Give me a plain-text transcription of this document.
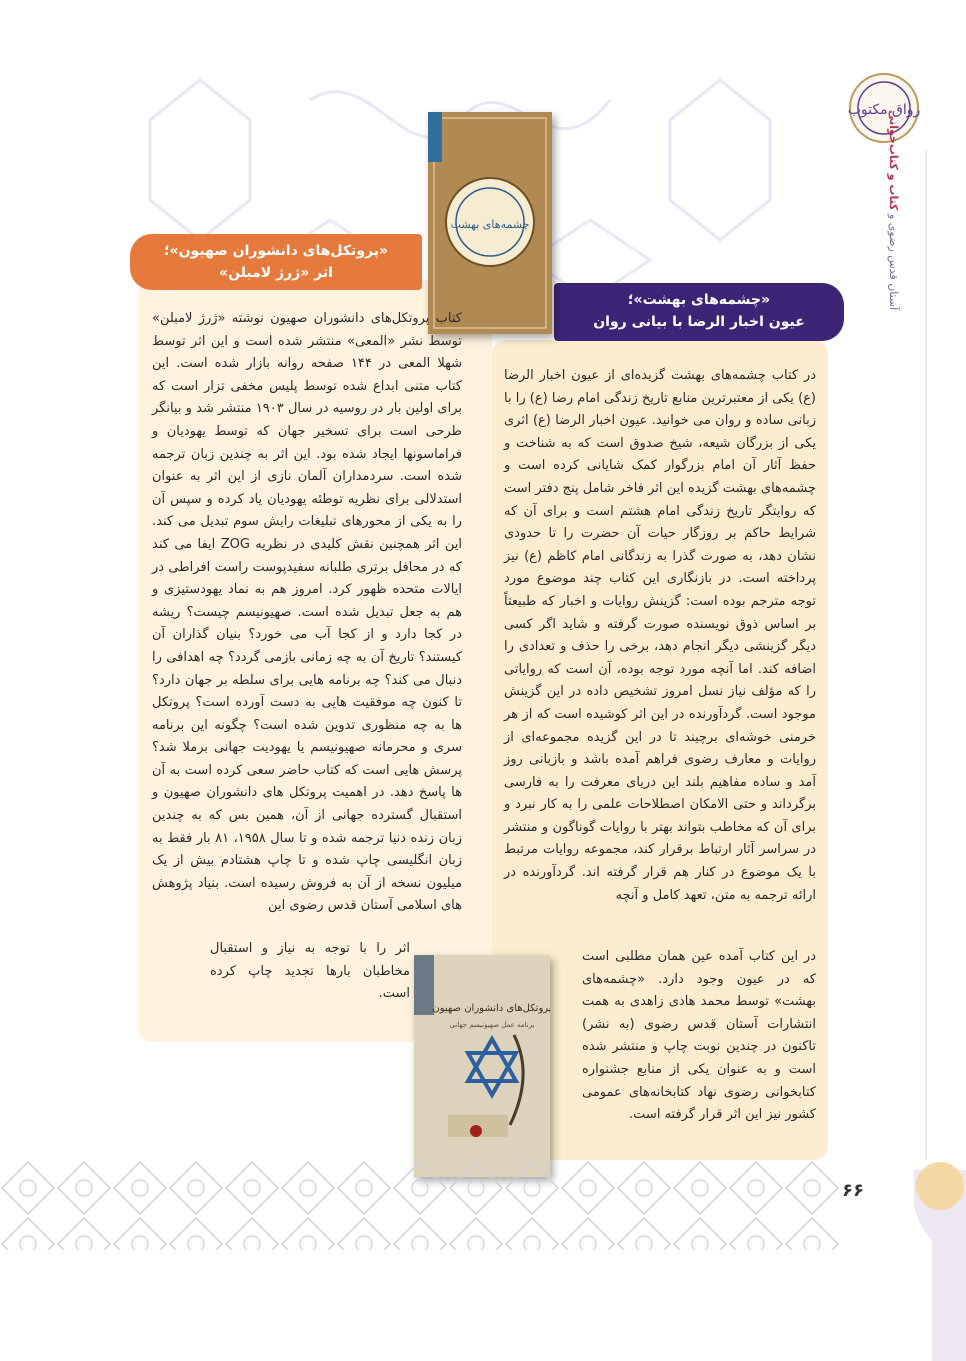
رواق مکتوب
آستان قدس رضوی و کتاب و کتاب‌خوانی
«پروتکل‌های دانشوران صهیون»؛
اثر «ژرژ لامبلن»
«چشمه‌های بهشت»؛
عیون اخبار الرضا با بیانی روان
چشمه‌های بهشت
پروتکل‌های دانشوران صهیون
برنامه عمل صهیونیسم جهانی

کتاب پروتکل‌های دانشوران صهیون نوشته «ژرژ لامبلن» توسط نشر «المعی» منتشر شده است و این اثر توسط شهلا المعی در ۱۴۴ صفحه روانه بازار شده است. این کتاب متنی ابداع شده توسط پلیس مخفی تزار است که برای اولین بار در روسیه در سال ۱۹۰۳ منتشر شد و بیانگر طرحی است برای تسخیر جهان که توسط یهودیان و فراماسونها ایجاد شده بود. این اثر به چندین زبان ترجمه شده است. سردمداران آلمان نازی از این اثر به عنوان استدلالی برای نظریه توطئه یهودیان یاد کرده و سپس آن را به یکی از محورهای تبلیغات رایش سوم تبدیل می کند. این اثر همچنین نقش کلیدی در نظریه ZOG ایفا می کند که در محافل برتری طلبانه سفیدپوست راست افراطی در ایالات متحده ظهور کرد. امروز هم به نماد یهودستیزی و هم به جعل تبدیل شده است. صهیونیسم چیست؟ ریشه در کجا دارد و از کجا آب می خورد؟ بنیان گذاران آن کیستند؟ تاریخ آن به چه زمانی بازمی گردد؟ چه اهدافی را دنبال می کند؟ چه برنامه هایی برای سلطه بر جهان دارد؟ تا کنون چه موفقیت هایی به دست آورده است؟ پروتکل ها به چه منظوری تدوین شده است؟ چگونه این برنامه سری و محرمانه صهیونیسم یا یهودیت جهانی برملا شد؟ پرسش هایی است که کتاب حاضر سعی کرده است به آن ها پاسخ دهد. در اهمیت پروتکل های دانشوران صهیون و استقبال گسترده جهانی از آن، همین بس که به چندین زبان زنده دنیا ترجمه شده و تا سال ۱۹۵۸، ۸۱ بار فقط به زبان انگلیسی چاپ شده و تا چاپ هشتادم بیش از یک میلیون نسخه از آن به فروش رسیده است. بنیاد پژوهش های اسلامی آستان قدس رضوی این

اثر را با توجه به نیاز و استقبال مخاطبان بارها تجدید چاپ کرده است.

در کتاب چشمه‌های بهشت گزیده‌ای از عیون اخبار الرضا (ع) یکی از معتبرترین منابع تاریخ زندگی امام رضا (ع) را با زبانی ساده و روان می خوانید. عیون اخبار الرضا (ع) اثری یکی از بزرگان شیعه، شیخ صدوق است که به شناخت و حفظ آثار آن امام بزرگوار کمک شایانی کرده است و چشمه‌های بهشت گزیده این اثر فاخر شامل پنج دفتر است که روایتگر تاریخ زندگی امام هشتم است و برای آن که شرایط حاکم بر روزگار حیات آن حضرت را تا حدودی نشان دهد، به صورت گذرا به زندگانی امام کاظم (ع) نیز پرداخته است. در بازنگاری این کتاب چند موضوع مورد توجه مترجم بوده است: گزینش روایات و اخبار که طبیعتاً بر اساس ذوق نویسنده صورت گرفته و شاید اگر کسی دیگر گزینشی دیگر انجام دهد، برخی را حذف و تعدادی را اضافه کند. اما آنچه مورد توجه بوده، آن است که روایاتی را که مؤلف نیاز نسل امروز تشخیص داده در این گزینش موجود است. گردآورنده در این اثر کوشیده است که از هر خرمنی خوشه‌ای برچیند تا در این گزیده مجموعه‌ای از روایات و معارف رضوی فراهم آمده باشد و بازبانی روز آمد و ساده مفاهیم بلند این دریای معرفت را به فارسی برگرداند و حتی الامکان اصطلاحات علمی را به کار نبرد و برای آن که مخاطب بتواند بهتر با روایات گوناگون و منتشر در سراسر آثار ارتباط برقرار کند، مجموعه روایات مرتبط با یک موضوع در کنار هم قرار گرفته اند. گردآورنده در ارائه ترجمه به متن، تعهد کامل و آنچه

در این کتاب آمده عین همان مطلبی است که در عیون وجود دارد. «چشمه‌های بهشت» توسط محمد هادی زاهدی به همت انتشارات آستان قدس رضوی (به نشر) تاکنون در چندین نوبت چاپ و منتشر شده است و به عنوان یکی از منابع جشنواره کتابخوانی رضوی نهاد کتابخانه‌های عمومی کشور نیز این اثر قرار گرفته است.

۶۶
